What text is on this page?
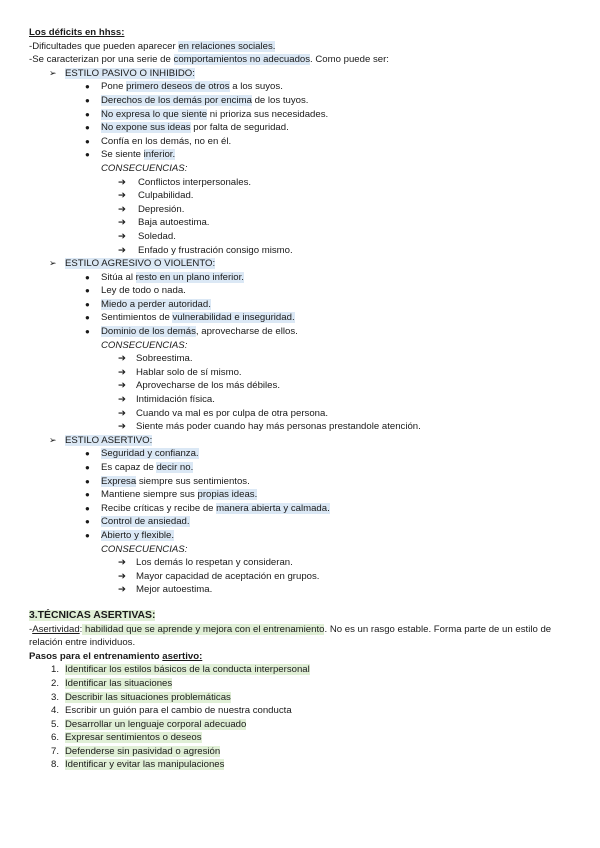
Los déficits en hhss:
-Dificultades que pueden aparecer en relaciones sociales.
-Se caracterizan por una serie de comportamientos no adecuados. Como puede ser:
➢ ESTILO PASIVO O INHIBIDO:
● Pone primero deseos de otros a los suyos.
● Derechos de los demás por encima de los tuyos.
● No expresa lo que siente ni prioriza sus necesidades.
● No expone sus ideas por falta de seguridad.
● Confía en los demás, no en él.
● Se siente inferior.
CONSECUENCIAS:
➔ Conflictos interpersonales.
➔ Culpabilidad.
➔ Depresión.
➔ Baja autoestima.
➔ Soledad.
➔ Enfado y frustración consigo mismo.
➢ ESTILO AGRESIVO O VIOLENTO:
● Sitúa al resto en un plano inferior.
● Ley de todo o nada.
● Miedo a perder autoridad.
● Sentimientos de vulnerabilidad e inseguridad.
● Dominio de los demás, aprovecharse de ellos.
CONSECUENCIAS:
➔ Sobreestima.
➔ Hablar solo de sí mismo.
➔ Aprovecharse de los más débiles.
➔ Intimidación física.
➔ Cuando va mal es por culpa de otra persona.
➔ Siente más poder cuando hay más personas prestandole atención.
➢ ESTILO ASERTIVO:
● Seguridad y confianza.
● Es capaz de decir no.
● Expresa siempre sus sentimientos.
● Mantiene siempre sus propias ideas.
● Recibe críticas y recibe de manera abierta y calmada.
● Control de ansiedad.
● Abierto y flexible.
CONSECUENCIAS:
➔ Los demás lo respetan y consideran.
➔ Mayor capacidad de aceptación en grupos.
➔ Mejor autoestima.
3.TÉCNICAS ASERTIVAS:
-Asertividad: habilidad que se aprende y mejora con el entrenamiento. No es un rasgo estable. Forma parte de un estilo de relación entre individuos.
Pasos para el entrenamiento asertivo:
1. Identificar los estilos básicos de la conducta interpersonal
2. Identificar las situaciones
3. Describir las situaciones problemáticas
4. Escribir un guión para el cambio de nuestra conducta
5. Desarrollar un lenguaje corporal adecuado
6. Expresar sentimientos o deseos
7. Defenderse sin pasividad o agresión
8. Identificar y evitar las manipulaciones
